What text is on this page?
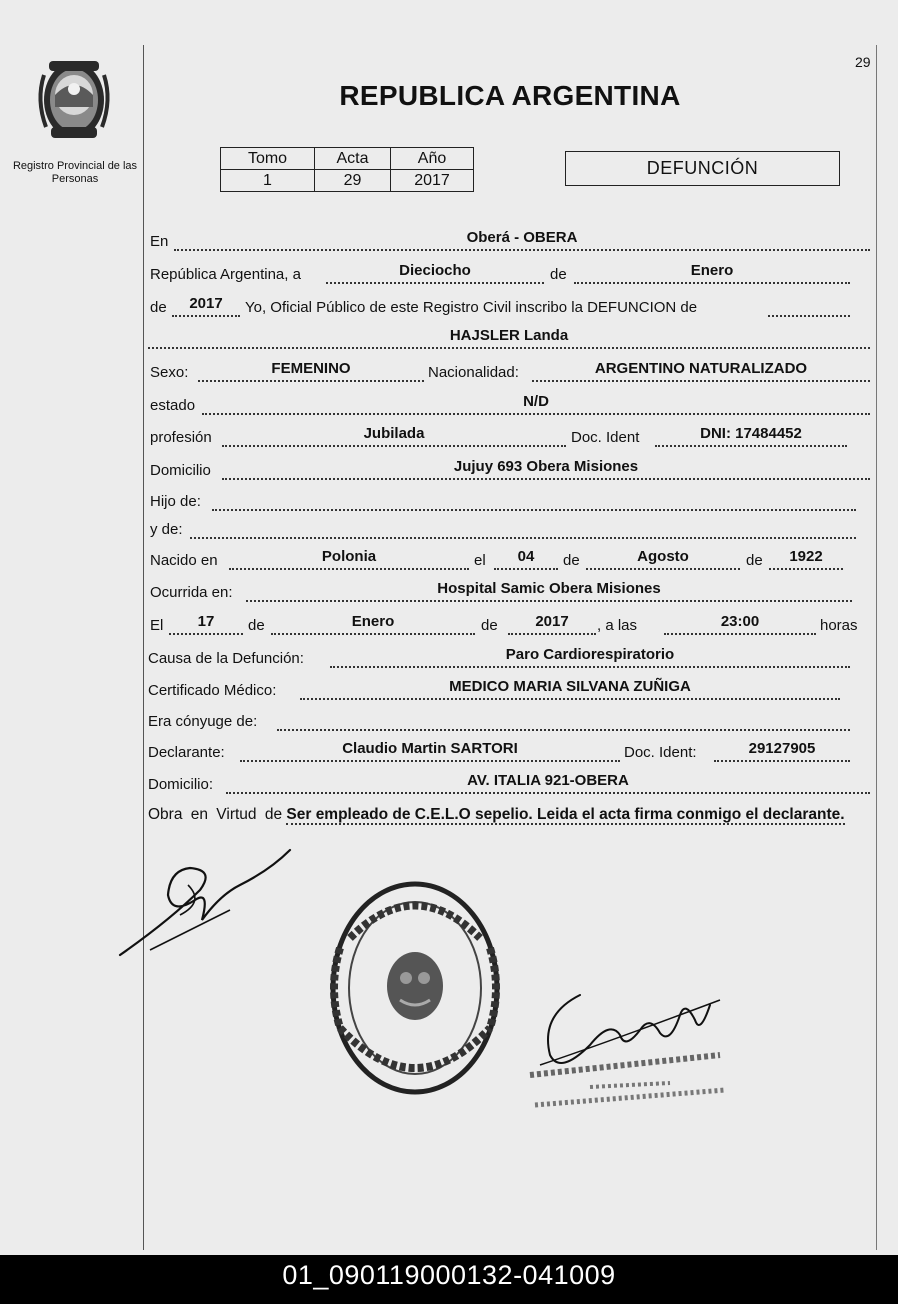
29
Registro Provincial de las Personas
REPUBLICA ARGENTINA
Tomo	Acta	Año
1	29	2017
DEFUNCIÓN
En	Oberá - OBERA
República Argentina, a	Dieciocho	de	Enero
de	2017	Yo, Oficial Público de este Registro Civil inscribo la DEFUNCION de
HAJSLER Landa
Sexo:	FEMENINO	Nacionalidad:	ARGENTINO NATURALIZADO
estado	N/D
profesión	Jubilada	Doc. Ident	DNI: 17484452
Domicilio	Jujuy 693 Obera Misiones
Hijo de:
y de:
Nacido en	Polonia	el	04	de	Agosto	de	1922
Ocurrida en:	Hospital Samic Obera Misiones
El	17	de	Enero	de	2017	, a las	23:00	horas
Causa de la Defunción:	Paro Cardiorespiratorio
Certificado Médico:	MEDICO MARIA SILVANA ZUÑIGA
Era cónyuge de:
Declarante:	Claudio Martin SARTORI	Doc. Ident:	29127905
Domicilio:	AV. ITALIA 921-OBERA
Obra en Virtud de Ser empleado de C.E.L.O sepelio. Leida el acta firma conmigo el declarante.
01_090119000132-041009
